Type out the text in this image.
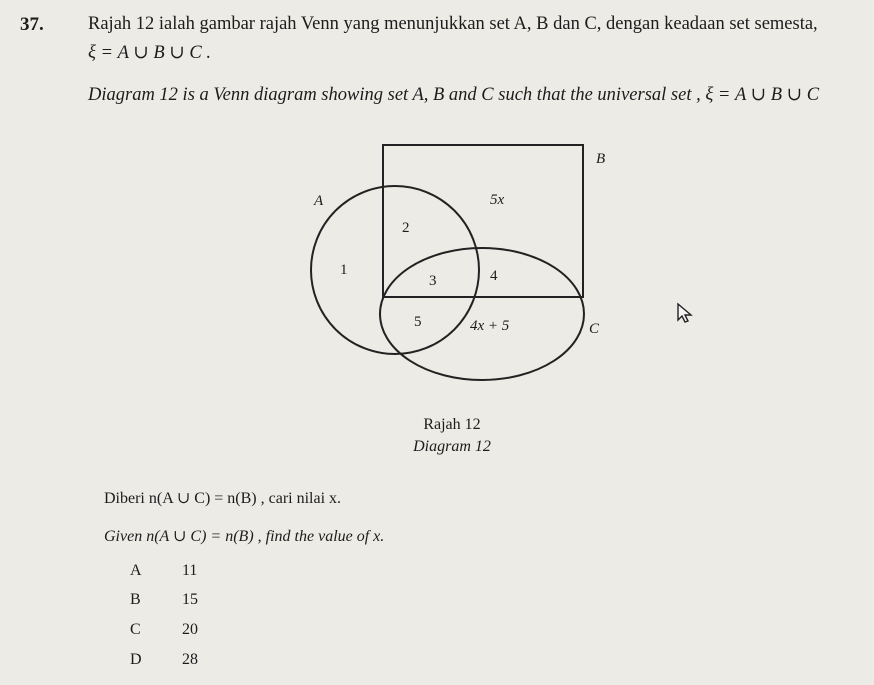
37. Rajah 12 ialah gambar rajah Venn yang menunjukkan set A, B dan C, dengan keadaan set semesta,
ξ = A ∪ B ∪ C .
Diagram 12 is a Venn diagram showing set A, B and C such that the universal set , ξ = A ∪ B ∪ C
B
A
C
5x
2
1
3	4
5	4x + 5
Rajah 12
Diagram 12
Diberi n(A ∪ C) = n(B) , cari nilai x.
Given n(A ∪ C) = n(B) , find the value of x.
A	11
B	15
C	20
D	28
